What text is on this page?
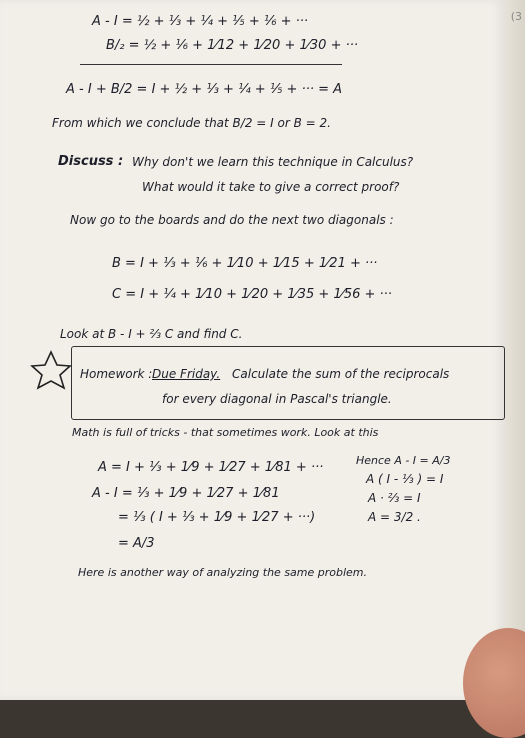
A - I = ½ + ⅓ + ¼ + ⅕ + ⅙ + ···
B/₂ = ½ + ⅙ + 1⁄12 + 1⁄20 + 1⁄30 + ···
A - I + B/2 = I + ½ + ⅓ + ¼ + ⅕ + ··· = A
From which we conclude that B/2 = I or B = 2.
Discuss : Why don't we learn this technique in Calculus?
What would it take to give a correct proof?
Now go to the boards and do the next two diagonals :
B = I + ⅓ + ⅙ + 1⁄10 + 1⁄15 + 1⁄21 + ···
C = I + ¼ + 1⁄10 + 1⁄20 + 1⁄35 + 1⁄56 + ···
Look at B - I + ⅔ C and find C.
Homework : Due Friday. Calculate the sum of the reciprocals
for every diagonal in Pascal's triangle.
Math is full of tricks - that sometimes work. Look at this
A = I + ⅓ + 1⁄9 + 1⁄27 + 1⁄81 + ···
A - I = ⅓ + 1⁄9 + 1⁄27 + 1⁄81
= ⅓ ( I + ⅓ + 1⁄9 + 1⁄27 + ···)
= A/3
Hence A - I = A/3
A ( I - ⅓ ) = I
A · ⅔ = I
A = 3/2 .
Here is another way of analyzing the same problem.
(3
